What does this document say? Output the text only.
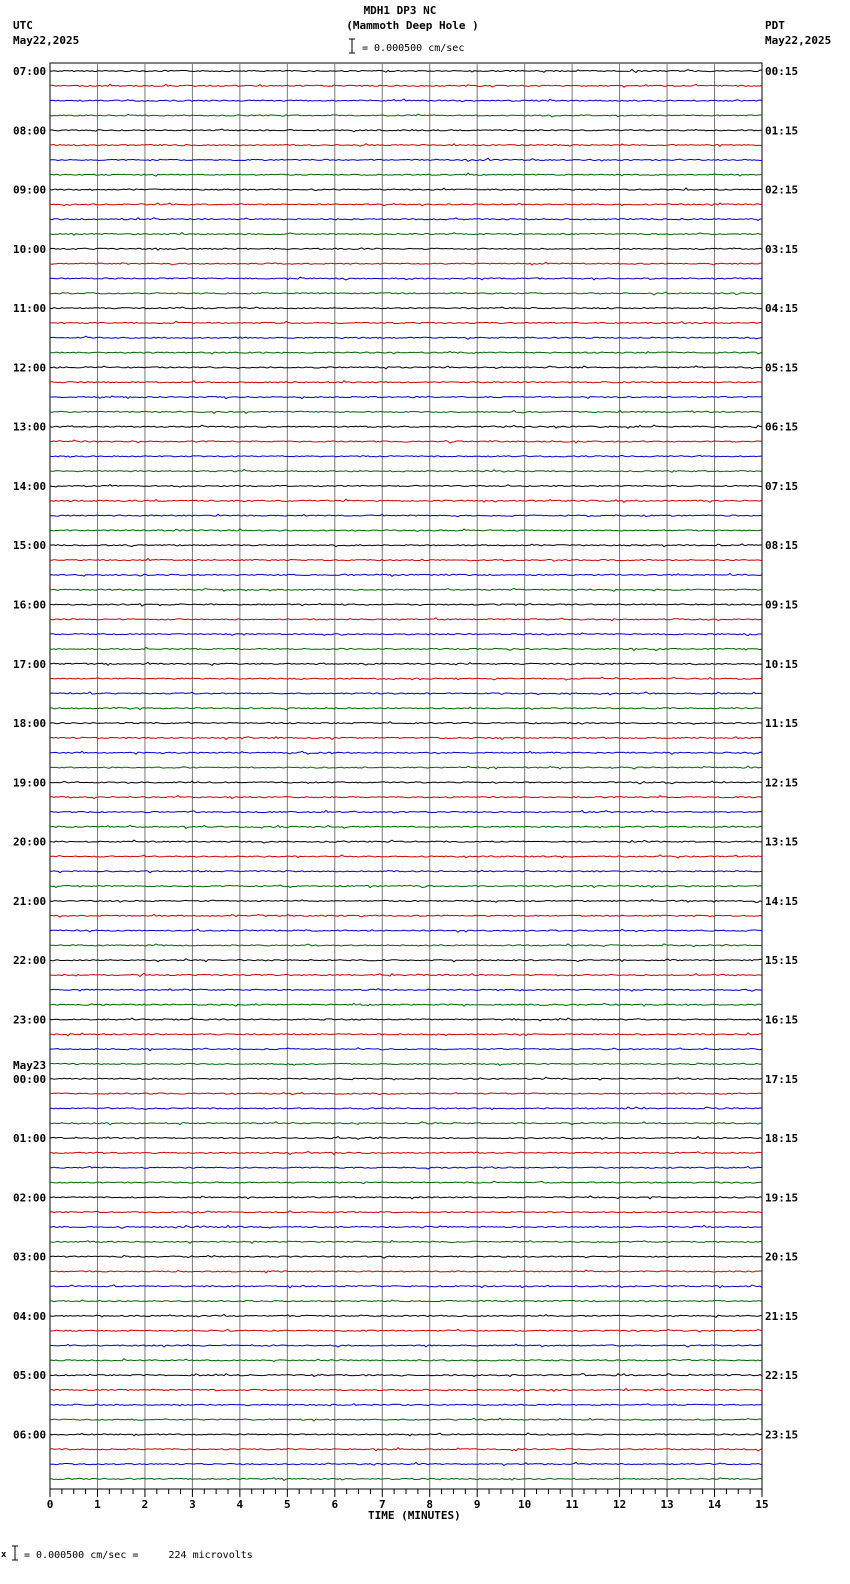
MDH1 DP3 NC
(Mammoth Deep Hole )
UTC
May22,2025
PDT
May22,2025
= 0.000500 cm/sec
07:00
08:00
09:00
10:00
11:00
12:00
13:00
14:00
15:00
16:00
17:00
18:00
19:00
20:00
21:00
22:00
23:00
00:00
01:00
02:00
03:00
04:00
05:00
06:00
00:15
01:15
02:15
03:15
04:15
05:15
06:15
07:15
08:15
09:15
10:15
11:15
12:15
13:15
14:15
15:15
16:15
17:15
18:15
19:15
20:15
21:15
22:15
23:15
May23
0	1	2	3	4	5	6	7	8	9	10	11	12	13	14	15
TIME (MINUTES)
x = 0.000500 cm/sec =     224 microvolts
